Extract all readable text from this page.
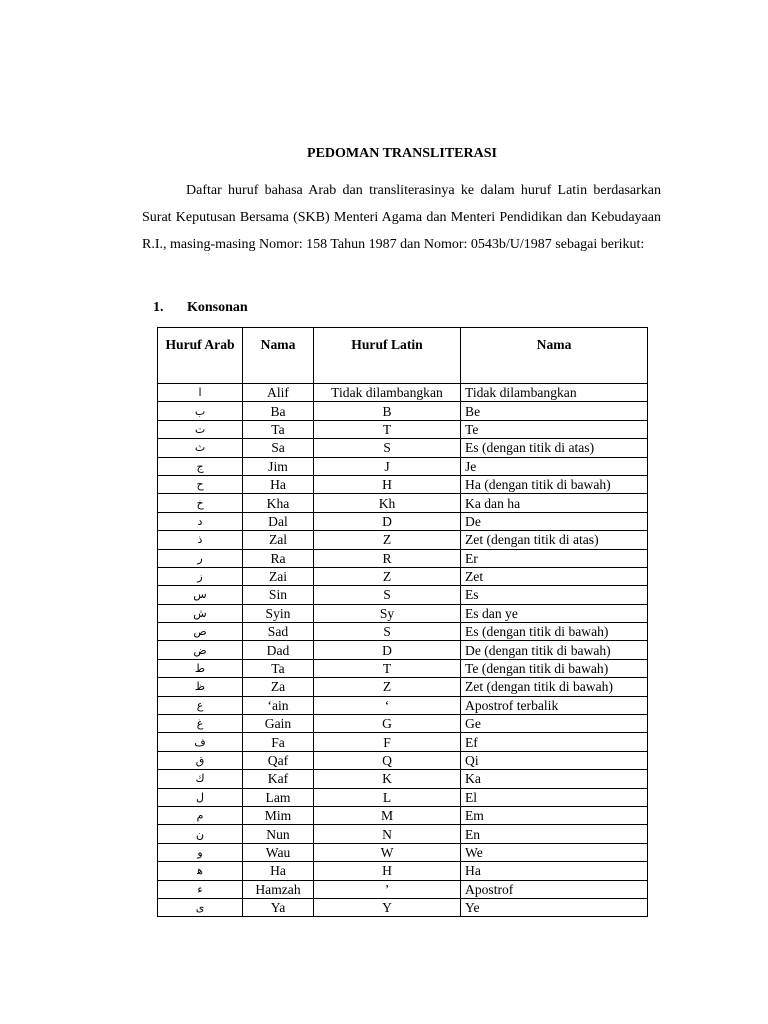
PEDOMAN TRANSLITERASI
Daftar huruf bahasa Arab dan transliterasinya ke dalam huruf Latin berdasarkan Surat Keputusan Bersama (SKB) Menteri Agama dan Menteri Pendidikan dan Kebudayaan R.I., masing-masing Nomor: 158 Tahun 1987 dan Nomor: 0543b/U/1987 sebagai berikut:
1. Konsonan
Huruf Arab	Nama	Huruf Latin	Nama
ا	Alif	Tidak dilambangkan	Tidak dilambangkan
ب	Ba	B	Be
ت	Ta	T	Te
ث	Sa	S	Es (dengan titik di atas)
ج	Jim	J	Je
ح	Ha	H	Ha (dengan titik di bawah)
خ	Kha	Kh	Ka dan ha
د	Dal	D	De
ذ	Zal	Z	Zet (dengan titik di atas)
ر	Ra	R	Er
ز	Zai	Z	Zet
س	Sin	S	Es
ش	Syin	Sy	Es dan ye
ص	Sad	S	Es (dengan titik di bawah)
ض	Dad	D	De (dengan titik di bawah)
ط	Ta	T	Te (dengan titik di bawah)
ظ	Za	Z	Zet (dengan titik di bawah)
ع	‘ain	‘	Apostrof terbalik
غ	Gain	G	Ge
ف	Fa	F	Ef
ق	Qaf	Q	Qi
ك	Kaf	K	Ka
ل	Lam	L	El
م	Mim	M	Em
ن	Nun	N	En
و	Wau	W	We
ﮬ	Ha	H	Ha
ء	Hamzah	’	Apostrof
ى	Ya	Y	Ye
